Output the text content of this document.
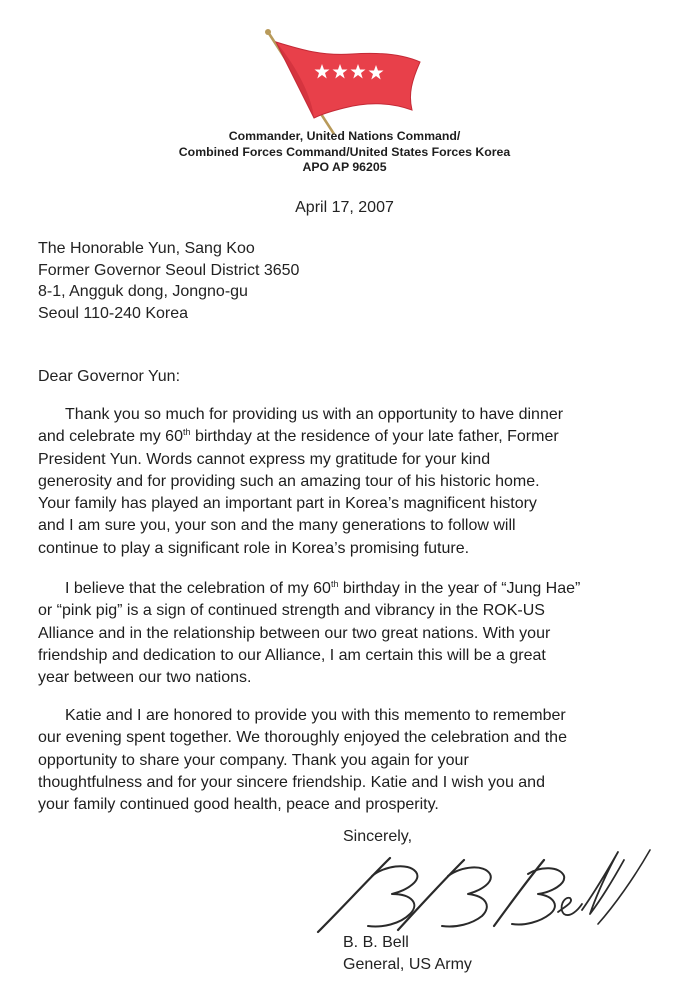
Commander, United Nations Command/
Combined Forces Command/United States Forces Korea
APO AP 96205
April 17, 2007
The Honorable Yun, Sang Koo
Former Governor Seoul District 3650
8-1, Angguk dong, Jongno-gu
Seoul 110-240 Korea
Dear Governor Yun:
Thank you so much for providing us with an opportunity to have dinner
and celebrate my 60th birthday at the residence of your late father, Former
President Yun. Words cannot express my gratitude for your kind
generosity and for providing such an amazing tour of his historic home.
Your family has played an important part in Korea’s magnificent history
and I am sure you, your son and the many generations to follow will
continue to play a significant role in Korea’s promising future.
I believe that the celebration of my 60th birthday in the year of “Jung Hae”
or “pink pig” is a sign of continued strength and vibrancy in the ROK-US
Alliance and in the relationship between our two great nations. With your
friendship and dedication to our Alliance, I am certain this will be a great
year between our two nations.
Katie and I are honored to provide you with this memento to remember
our evening spent together. We thoroughly enjoyed the celebration and the
opportunity to share your company. Thank you again for your
thoughtfulness and for your sincere friendship. Katie and I wish you and
your family continued good health, peace and prosperity.
Sincerely,
B. B. Bell
General, US Army
